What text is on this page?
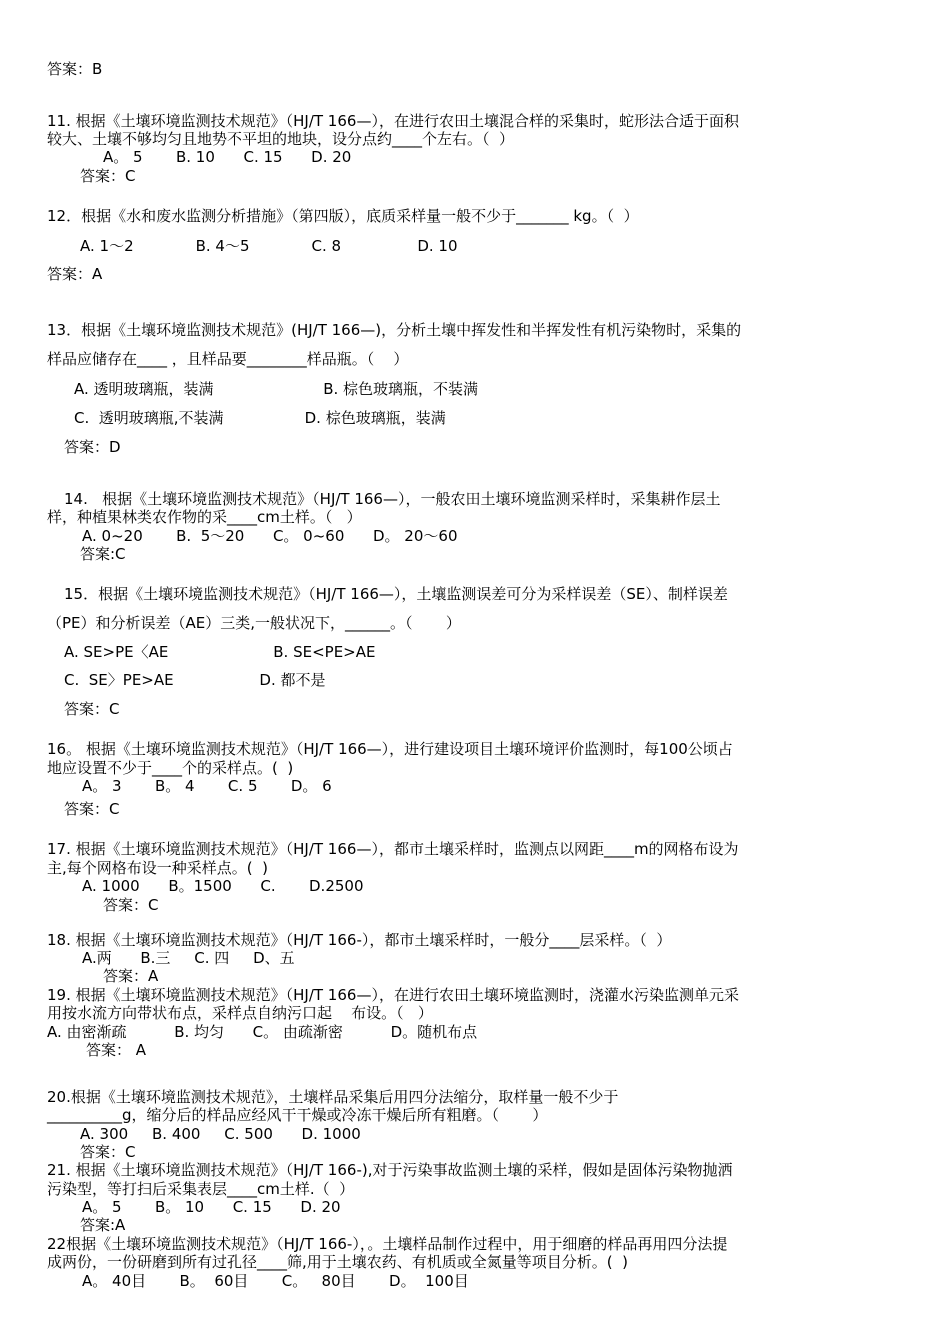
答案：B
11. 根据《土壤环境监测技术规范》（HJ/T 166—），在进行农田土壤混合样的采集时，蛇形法合适于面积
较大、土壤不够均匀且地势不平坦的地块，设分点约____个左右。（  ）
A。 5       B. 10      C. 15      D. 20
答案：C
12．根据《水和废水监测分析措施》（第四版），底质采样量一般不少于_______ kg。（  ）
A. 1～2             B. 4～5             C. 8                D. 10
答案：A
13．根据《土壤环境监测技术规范》(HJ/T 166—)，分析土壤中挥发性和半挥发性有机污染物时，采集的
样品应储存在____ ，且样品要________样品瓶。（    ）
A. 透明玻璃瓶，装满                       B. 棕色玻璃瓶，不装满
C.  透明玻璃瓶,不装满                 D. 棕色玻璃瓶，装满
答案：D
14.   根据《土壤环境监测技术规范》（HJ/T 166—），一般农田土壤环境监测采样时，采集耕作层土
样，种植果林类农作物的采____cm土样。（   ）
A. 0~20       B.  5～20      C。 0~60      D。 20～60
答案:C
15．根据《土壤环境监测技术规范》（HJ/T 166—），土壤监测误差可分为采样误差（SE）、制样误差
（PE）和分析误差（AE）三类,一般状况下，______。（       ）
A. SE>PE〈AE                      B. SE<PE>AE
C.  SE〉PE>AE                  D. 都不是
答案：C
16。 根据《土壤环境监测技术规范》（HJ/T 166—），进行建设项目土壤环境评价监测时，每100公顷占
地应设置不少于____个的采样点。(  )
A。 3       B。 4       C. 5       D。 6
答案：C
17. 根据《土壤环境监测技术规范》（HJ/T 166—），都市土壤采样时，监测点以网距____m的网格布设为
主,每个网格布设一种采样点。(  )
A. 1000      B。1500      C.       D.2500
答案：C
18. 根据《土壤环境监测技术规范》（HJ/T 166-），都市土壤采样时，一般分____层采样。（  ）
A.两      B.三     C. 四     D、五
答案：A
19. 根据《土壤环境监测技术规范》（HJ/T 166—），在进行农田土壤环境监测时，浇灌水污染监测单元采
用按水流方向带状布点，采样点自纳污口起    布设。（   ）
A. 由密渐疏          B. 均匀      C。 由疏渐密          D。随机布点
答案： A
20.根据《土壤环境监测技术规范》，土壤样品采集后用四分法缩分，取样量一般不少于
__________g，缩分后的样品应经风干干燥或冷冻干燥后所有粗磨。（       ）
A. 300     B. 400     C. 500      D. 1000
答案：C
21. 根据《土壤环境监测技术规范》（HJ/T 166-),对于污染事故监测土壤的采样，假如是固体污染物抛洒
污染型，等打扫后采集表层____cm土样.（  ）
A。 5       B。 10      C. 15      D. 20
答案:A
22根据《土壤环境监测技术规范》（HJ/T 166-），。土壤样品制作过程中，用于细磨的样品再用四分法提
成两份，一份研磨到所有过孔径____筛,用于土壤农药、有机质或全氮量等项目分析。(  )
A。 40目       B。  60目       C。   80目       D。  100目
